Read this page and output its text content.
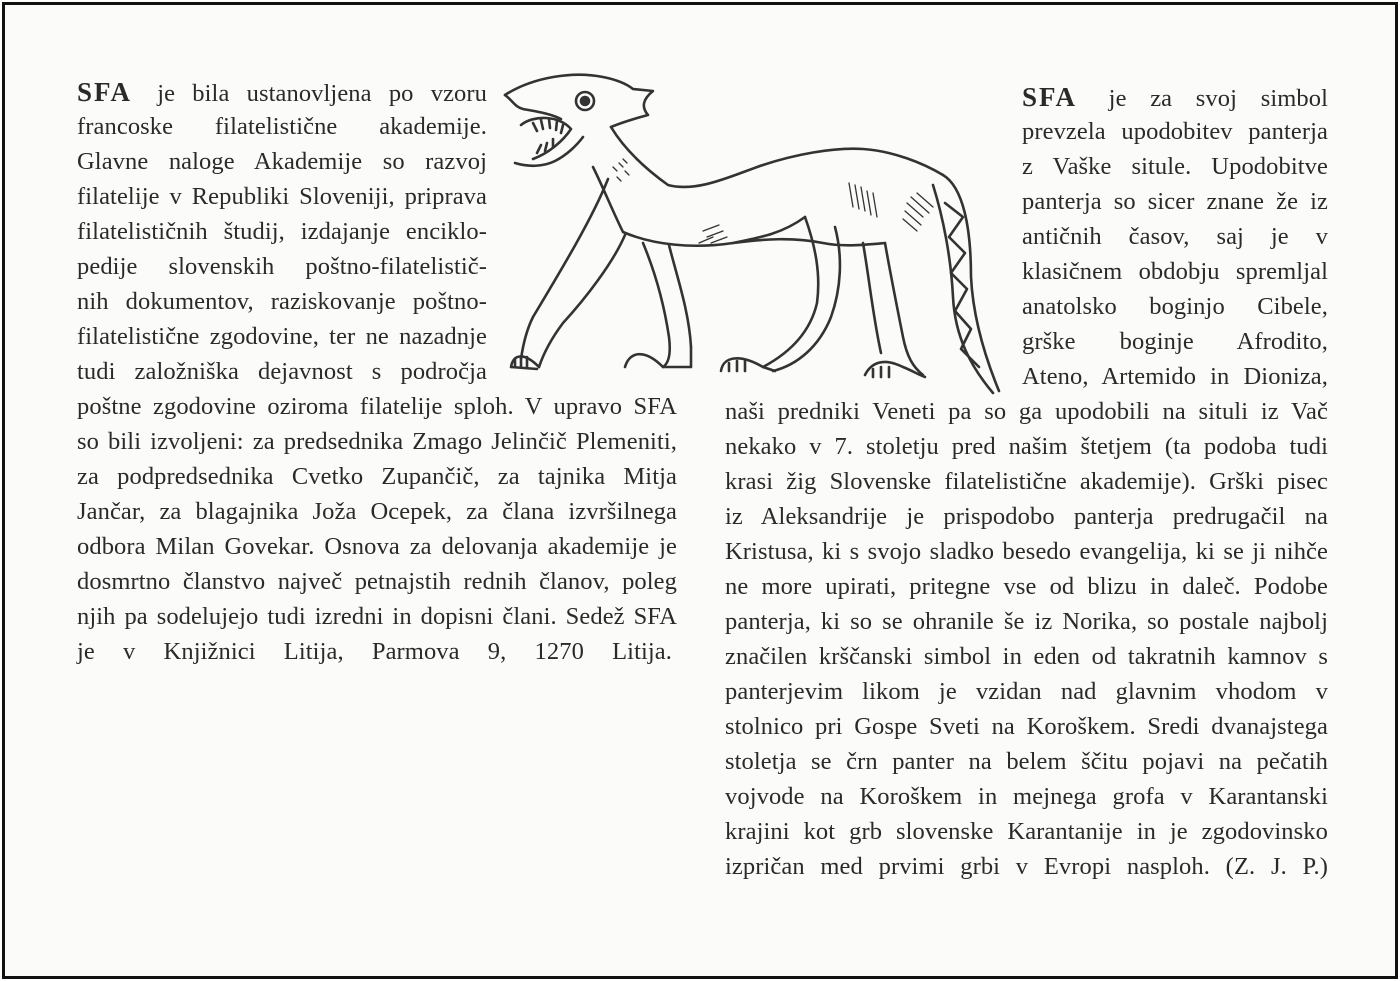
SFA je bila ustanovljena po vzoru
francoske filatelistične akademije.
Glavne naloge Akademije so razvoj
filatelije v Republiki Sloveniji, priprava
filatelističnih študij, izdajanje enciklo-
pedije slovenskih poštno-filatelistič-
nih dokumentov, raziskovanje poštno-
filatelistične zgodovine, ter ne nazadnje
tudi založniška dejavnost s področja
poštne zgodovine oziroma filatelije sploh. V upravo SFA
so bili izvoljeni: za predsednika Zmago Jelinčič Plemeniti,
za podpredsednika Cvetko Zupančič, za tajnika Mitja
Jančar, za blagajnika Joža Ocepek, za člana izvršilnega
odbora Milan Govekar. Osnova za delovanja akademije je
dosmrtno članstvo največ petnajstih rednih članov, poleg
njih pa sodelujejo tudi izredni in dopisni člani. Sedež SFA
je v Knjižnici Litija, Parmova 9, 1270 Litija.
SFA je za svoj simbol
prevzela upodobitev panterja
z Vaške situle. Upodobitve
panterja so sicer znane že iz
antičnih časov, saj je v
klasičnem obdobju spremljal
anatolsko boginjo Cibele,
grške boginje Afrodito,
Ateno, Artemido in Dioniza,
naši predniki Veneti pa so ga upodobili na situli iz Vač
nekako v 7. stoletju pred našim štetjem (ta podoba tudi
krasi žig Slovenske filatelistične akademije). Grški pisec
iz Aleksandrije je prispodobo panterja predrugačil na
Kristusa, ki s svojo sladko besedo evangelija, ki se ji nihče
ne more upirati, pritegne vse od blizu in daleč. Podobe
panterja, ki so se ohranile še iz Norika, so postale najbolj
značilen krščanski simbol in eden od takratnih kamnov s
panterjevim likom je vzidan nad glavnim vhodom v
stolnico pri Gospe Sveti na Koroškem. Sredi dvanajstega
stoletja se črn panter na belem ščitu pojavi na pečatih
vojvode na Koroškem in mejnega grofa v Karantanski
krajini kot grb slovenske Karantanije in je zgodovinsko
izpričan med prvimi grbi v Evropi nasploh. (Z. J. P.)
